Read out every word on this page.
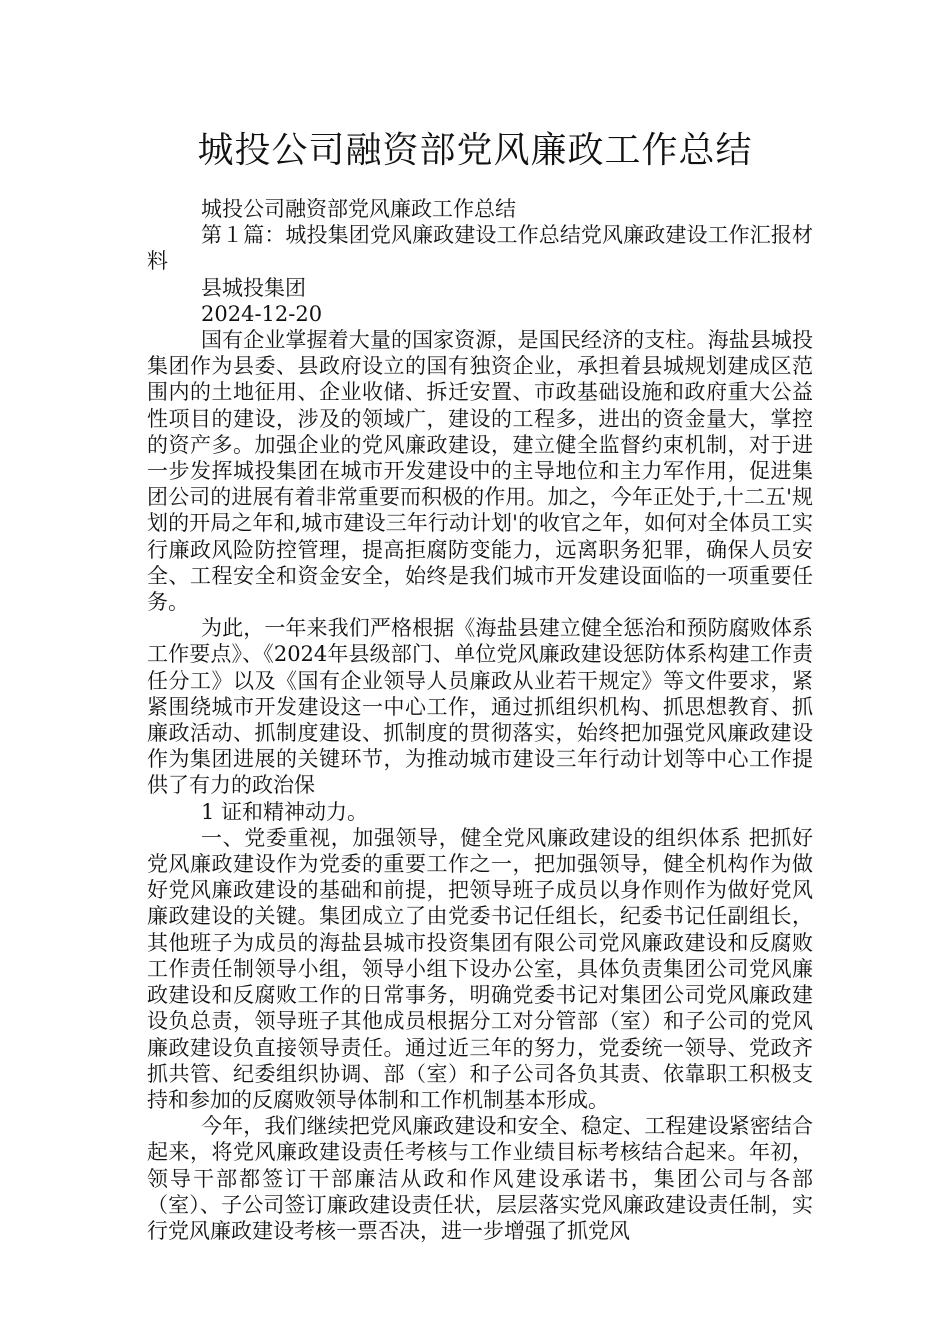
城投公司融资部党风廉政工作总结

城投公司融资部党风廉政工作总结

第１篇：城投集团党风廉政建设工作总结党风廉政建设工作汇报材料

县城投集团

2024-12-20

国有企业掌握着大量的国家资源，是国民经济的支柱。海盐县城投集团作为县委、县政府设立的国有独资企业，承担着县城规划建成区范围内的土地征用、企业收储、拆迁安置、市政基础设施和政府重大公益性项目的建设，涉及的领域广，建设的工程多，进出的资金量大，掌控的资产多。加强企业的党风廉政建设，建立健全监督约束机制，对于进一步发挥城投集团在城市开发建设中的主导地位和主力军作用，促进集团公司的进展有着非常重要而积极的作用。加之，今年正处于,十二五'规划的开局之年和,城市建设三年行动计划'的收官之年，如何对全体员工实行廉政风险防控管理，提高拒腐防变能力，远离职务犯罪，确保人员安全、工程安全和资金安全，始终是我们城市开发建设面临的一项重要任务。

为此，一年来我们严格根据《海盐县建立健全惩治和预防腐败体系工作要点》、《2024年县级部门、单位党风廉政建设惩防体系构建工作责任分工》以及《国有企业领导人员廉政从业若干规定》等文件要求，紧紧围绕城市开发建设这一中心工作，通过抓组织机构、抓思想教育、抓廉政活动、抓制度建设、抓制度的贯彻落实，始终把加强党风廉政建设作为集团进展的关键环节，为推动城市建设三年行动计划等中心工作提供了有力的政治保

1 证和精神动力。

一、党委重视，加强领导，健全党风廉政建设的组织体系 把抓好党风廉政建设作为党委的重要工作之一，把加强领导，健全机构作为做好党风廉政建设的基础和前提，把领导班子成员以身作则作为做好党风廉政建设的关键。集团成立了由党委书记任组长，纪委书记任副组长，其他班子为成员的海盐县城市投资集团有限公司党风廉政建设和反腐败工作责任制领导小组，领导小组下设办公室，具体负责集团公司党风廉政建设和反腐败工作的日常事务，明确党委书记对集团公司党风廉政建设负总责，领导班子其他成员根据分工对分管部（室）和子公司的党风廉政建设负直接领导责任。通过近三年的努力，党委统一领导、党政齐抓共管、纪委组织协调、部（室）和子公司各负其责、依靠职工积极支持和参加的反腐败领导体制和工作机制基本形成。

今年，我们继续把党风廉政建设和安全、稳定、工程建设紧密结合起来，将党风廉政建设责任考核与工作业绩目标考核结合起来。年初，领导干部都签订干部廉洁从政和作风建设承诺书，集团公司与各部（室）、子公司签订廉政建设责任状，层层落实党风廉政建设责任制，实行党风廉政建设考核一票否决，进一步增强了抓党风
